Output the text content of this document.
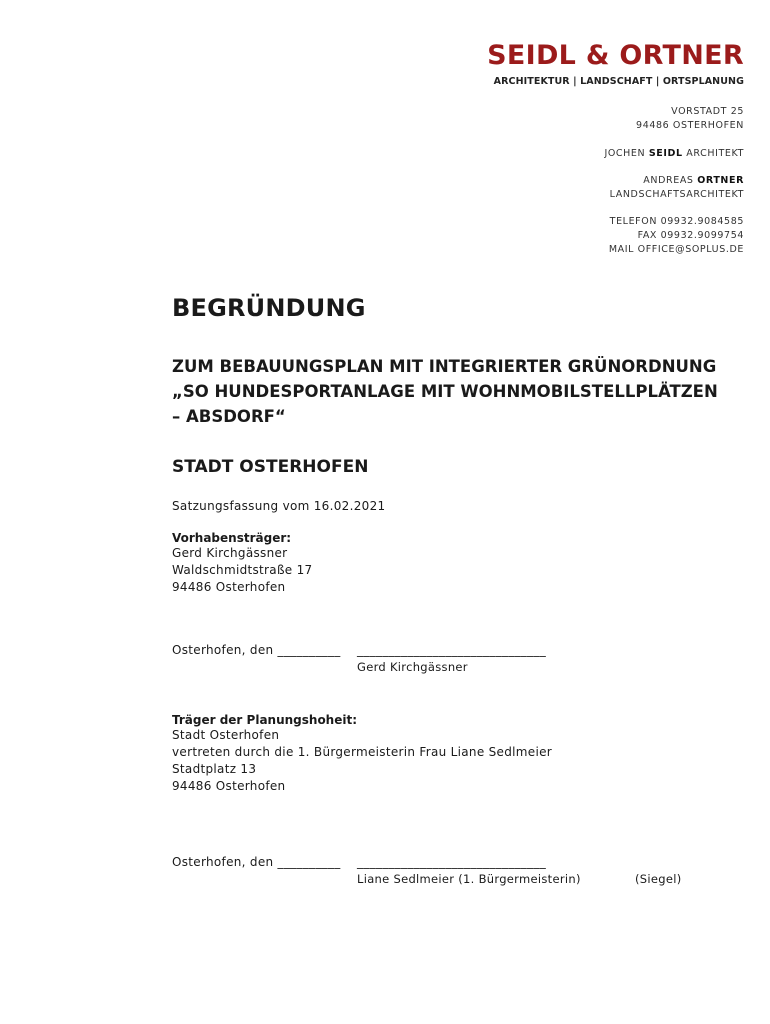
SEIDL & ORTNER
ARCHITEKTUR | LANDSCHAFT | ORTSPLANUNG
VORSTADT 25
94486 OSTERHOFEN
JOCHEN SEIDL ARCHITEKT
ANDREAS ORTNER
LANDSCHAFTSARCHITEKT
TELEFON 09932.9084585
FAX 09932.9099754
MAIL OFFICE@SOPLUS.DE
BEGRÜNDUNG
ZUM BEBAUUNGSPLAN MIT INTEGRIERTER GRÜNORDNUNG
„SO HUNDESPORTANLAGE MIT WOHNMOBILSTELLPLÄTZEN
– ABSDORF“
STADT OSTERHOFEN
Satzungsfassung vom 16.02.2021
Vorhabensträger:
Gerd Kirchgässner
Waldschmidtstraße 17
94486 Osterhofen
Osterhofen, den __________ ______________________________
Gerd Kirchgässner
Träger der Planungshoheit:
Stadt Osterhofen
vertreten durch die 1. Bürgermeisterin Frau Liane Sedlmeier
Stadtplatz 13
94486 Osterhofen
Osterhofen, den __________ ______________________________
Liane Sedlmeier (1. Bürgermeisterin)	(Siegel)
